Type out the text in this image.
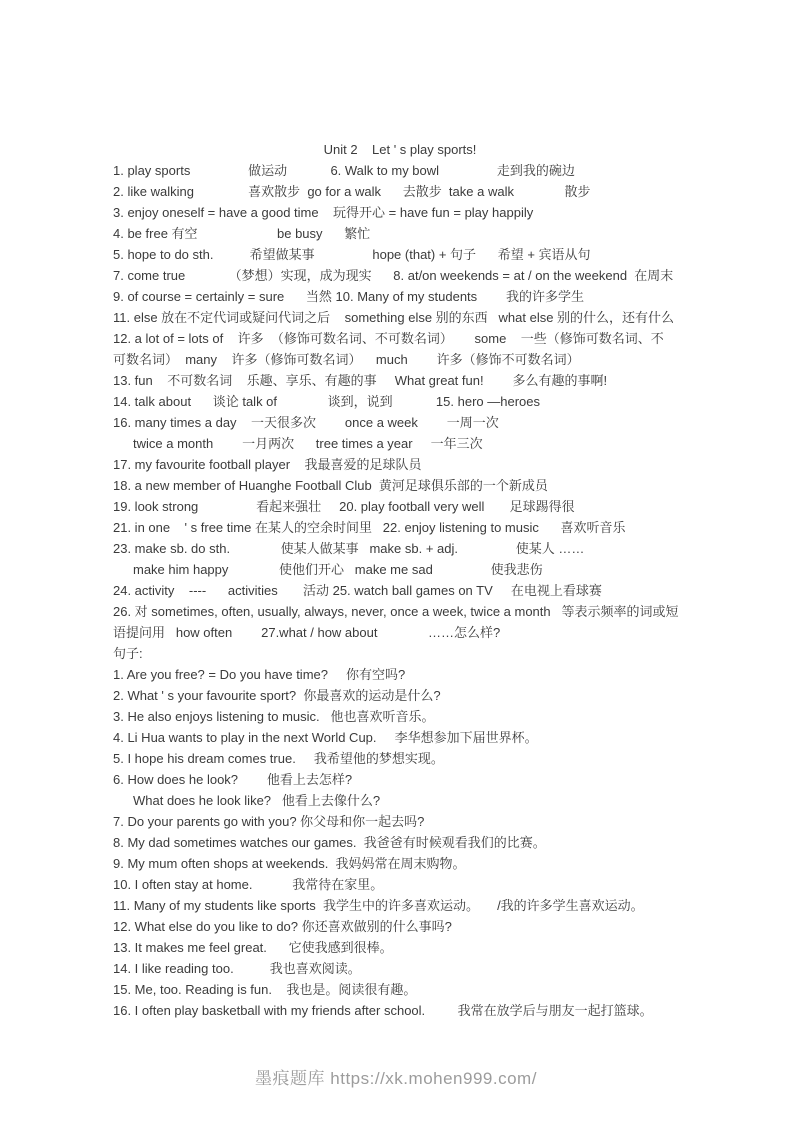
Unit 2    Let ' s play sports!
1. play sports                做运动            6. Walk to my bowl                走到我的碗边
2. like walking               喜欢散步  go for a walk      去散步  take a walk              散步
3. enjoy oneself = have a good time    玩得开心 = have fun = play happily
4. be free 有空                      be busy      繁忙
5. hope to do sth.          希望做某事                hope (that) + 句子      希望 + 宾语从句
7. come true            （梦想）实现，成为现实      8. at/on weekends = at / on the weekend  在周末
9. of course = certainly = sure      当然 10. Many of my students        我的许多学生
11. else 放在不定代词或疑问代词之后    something else 别的东西   what else 别的什么，还有什么
12. a lot of = lots of    许多  （修饰可数名词、不可数名词）      some    一些（修饰可数名词、不
可数名词）  many    许多（修饰可数名词）    much        许多（修饰不可数名词）
13. fun    不可数名词    乐趣、享乐、有趣的事     What great fun!        多么有趣的事啊!
14. talk about      谈论 talk of              谈到，说到            15. hero —heroes
16. many times a day    一天很多次        once a week        一周一次
twice a month        一月两次      tree times a year     一年三次
17. my favourite football player    我最喜爱的足球队员
18. a new member of Huanghe Football Club  黄河足球俱乐部的一个新成员
19. look strong                看起来强壮     20. play football very well       足球踢得很
21. in one    ' s free time 在某人的空余时间里   22. enjoy listening to music      喜欢听音乐
23. make sb. do sth.              使某人做某事   make sb. + adj.                使某人 ……
make him happy              使他们开心   make me sad                使我悲伤
24. activity    ----      activities       活动 25. watch ball games on TV     在电视上看球赛
26. 对 sometimes, often, usually, always, never, once a week, twice a month   等表示频率的词或短
语提问用   how often        27.what / how about              ……怎么样?
句子:
1. Are you free? = Do you have time?     你有空吗?
2. What ' s your favourite sport?  你最喜欢的运动是什么?
3. He also enjoys listening to music.   他也喜欢听音乐。
4. Li Hua wants to play in the next World Cup.     李华想参加下届世界杯。
5. I hope his dream comes true.     我希望他的梦想实现。
6. How does he look?        他看上去怎样?
What does he look like?   他看上去像什么?
7. Do your parents go with you? 你父母和你一起去吗?
8. My dad sometimes watches our games.  我爸爸有时候观看我们的比赛。
9. My mum often shops at weekends.  我妈妈常在周末购物。
10. I often stay at home.           我常待在家里。
11. Many of my students like sports  我学生中的许多喜欢运动。     /我的许多学生喜欢运动。
12. What else do you like to do? 你还喜欢做别的什么事吗?
13. It makes me feel great.      它使我感到很棒。
14. I like reading too.          我也喜欢阅读。
15. Me, too. Reading is fun.    我也是。阅读很有趣。
16. I often play basketball with my friends after school.         我常在放学后与朋友一起打篮球。
墨痕题库 https://xk.mohen999.com/
